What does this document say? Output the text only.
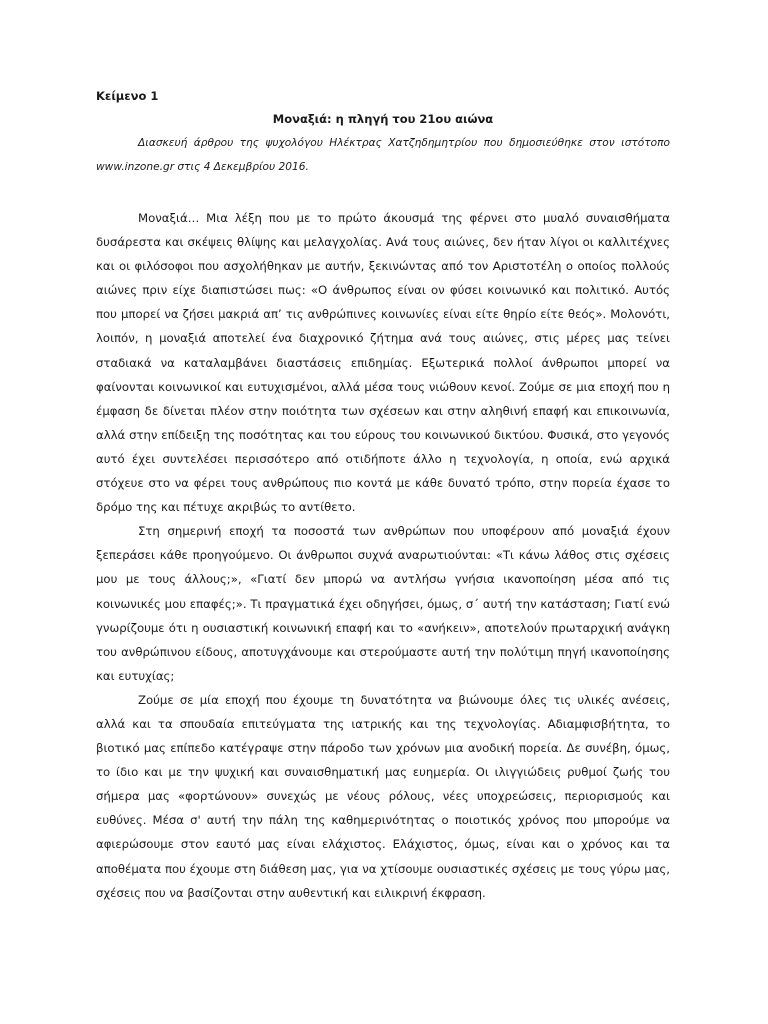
Κείμενο 1

Μοναξιά: η πληγή του 21ου αιώνα

Διασκευή άρθρου της ψυχολόγου Ηλέκτρας Χατζηδημητρίου που δημοσιεύθηκε στον ιστότοπο www.inzone.gr στις 4 Δεκεμβρίου 2016.

Μοναξιά… Μια λέξη που με το πρώτο άκουσμά της φέρνει στο μυαλό συναισθήματα δυσάρεστα και σκέψεις θλίψης και μελαγχολίας. Ανά τους αιώνες, δεν ήταν λίγοι οι καλλιτέχνες και οι φιλόσοφοι που ασχολήθηκαν με αυτήν, ξεκινώντας από τον Αριστοτέλη ο οποίος πολλούς αιώνες πριν είχε διαπιστώσει πως: «Ο άνθρωπος είναι ον φύσει κοινωνικό και πολιτικό. Αυτός που μπορεί να ζήσει μακριά απ’ τις ανθρώπινες κοινωνίες είναι είτε θηρίο είτε θεός». Μολονότι, λοιπόν, η μοναξιά αποτελεί ένα διαχρονικό ζήτημα ανά τους αιώνες, στις μέρες μας τείνει σταδιακά να καταλαμβάνει διαστάσεις επιδημίας. Εξωτερικά πολλοί άνθρωποι μπορεί να φαίνονται κοινωνικοί και ευτυχισμένοι, αλλά μέσα τους νιώθουν κενοί. Ζούμε σε μια εποχή που η έμφαση δε δίνεται πλέον στην ποιότητα των σχέσεων και στην αληθινή επαφή και επικοινωνία, αλλά στην επίδειξη της ποσότητας και του εύρους του κοινωνικού δικτύου. Φυσικά, στο γεγονός αυτό έχει συντελέσει περισσότερο από οτιδήποτε άλλο η τεχνολογία, η οποία, ενώ αρχικά στόχευε στο να φέρει τους ανθρώπους πιο κοντά με κάθε δυνατό τρόπο, στην πορεία έχασε το δρόμο της και πέτυχε ακριβώς το αντίθετο.

Στη σημερινή εποχή τα ποσοστά των ανθρώπων που υποφέρουν από μοναξιά έχουν ξεπεράσει κάθε προηγούμενο. Οι άνθρωποι συχνά αναρωτιούνται: «Τι κάνω λάθος στις σχέσεις μου με τους άλλους;», «Γιατί δεν μπορώ να αντλήσω γνήσια ικανοποίηση μέσα από τις κοινωνικές μου επαφές;». Τι πραγματικά έχει οδηγήσει, όμως, σ΄ αυτή την κατάσταση; Γιατί ενώ γνωρίζουμε ότι η ουσιαστική κοινωνική επαφή και το «ανήκειν», αποτελούν πρωταρχική ανάγκη του ανθρώπινου είδους, αποτυγχάνουμε και στερούμαστε αυτή την πολύτιμη πηγή ικανοποίησης και ευτυχίας;

Ζούμε σε μία εποχή που έχουμε τη δυνατότητα να βιώνουμε όλες τις υλικές ανέσεις, αλλά και τα σπουδαία επιτεύγματα της ιατρικής και της τεχνολογίας. Αδιαμφισβήτητα, το βιοτικό μας επίπεδο κατέγραψε στην πάροδο των χρόνων μια ανοδική πορεία. Δε συνέβη, όμως, το ίδιο και με την ψυχική και συναισθηματική μας ευημερία. Οι ιλιγγιώδεις ρυθμοί ζωής του σήμερα μας «φορτώνουν» συνεχώς με νέους ρόλους, νέες υποχρεώσεις, περιορισμούς και ευθύνες. Μέσα σ' αυτή την πάλη της καθημερινότητας ο ποιοτικός χρόνος που μπορούμε να αφιερώσουμε στον εαυτό μας είναι ελάχιστος. Ελάχιστος, όμως, είναι και ο χρόνος και τα αποθέματα που έχουμε στη διάθεση μας, για να χτίσουμε ουσιαστικές σχέσεις με τους γύρω μας, σχέσεις που να βασίζονται στην αυθεντική και ειλικρινή έκφραση.
